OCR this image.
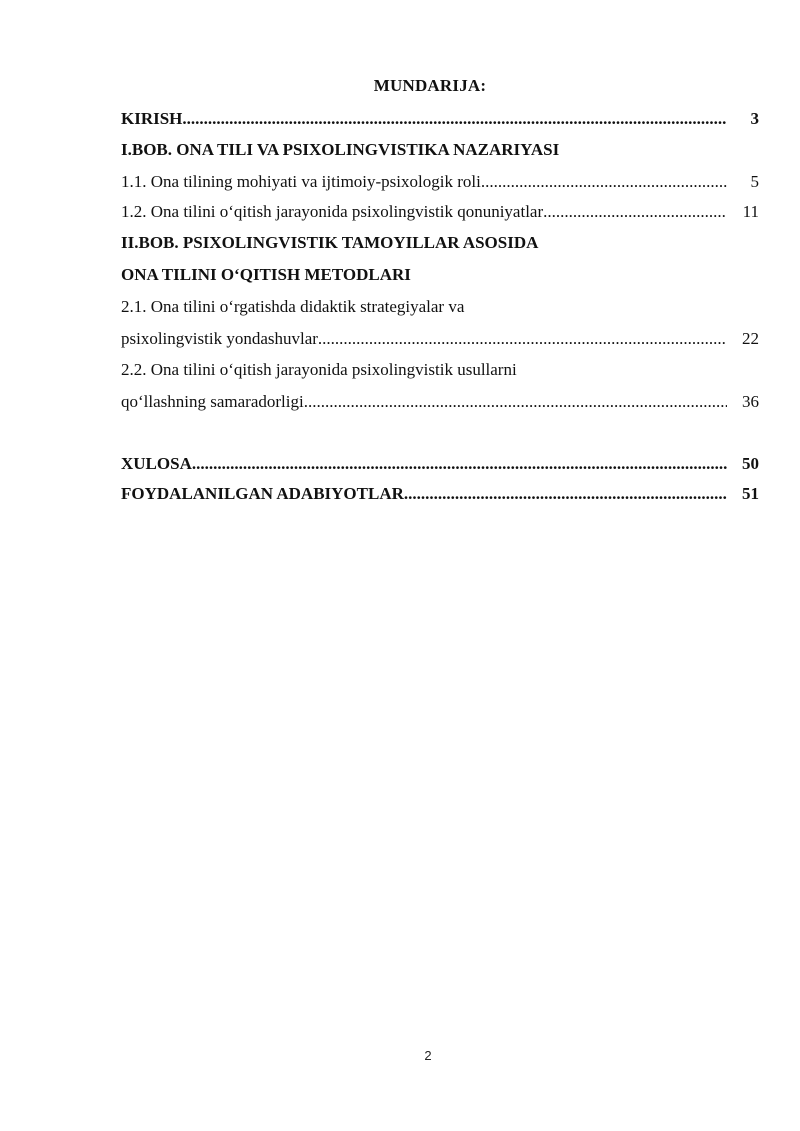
MUNDARIJA:
KIRISH .....	3
I.BOB. ONA TILI VA PSIXOLINGVISTIKA NAZARIYASI
1.1. Ona tilining mohiyati va ijtimoiy-psixologik roli .....	5
1.2. Ona tilini o‘qitish jarayonida psixolingvistik qonuniyatlar .....	11
II.BOB. PSIXOLINGVISTIK TAMOYILLAR ASOSIDA
ONA TILINI O‘QITISH METODLARI
2.1. Ona tilini o‘rgatishda didaktik strategiyalar va
psixolingvistik yondashuvlar .....	22
2.2. Ona tilini o‘qitish jarayonida psixolingvistik usullarni
qo‘llashning samaradorligi .....	36
XULOSA .....	50
FOYDALANILGAN ADABIYOTLAR .....	51
2
